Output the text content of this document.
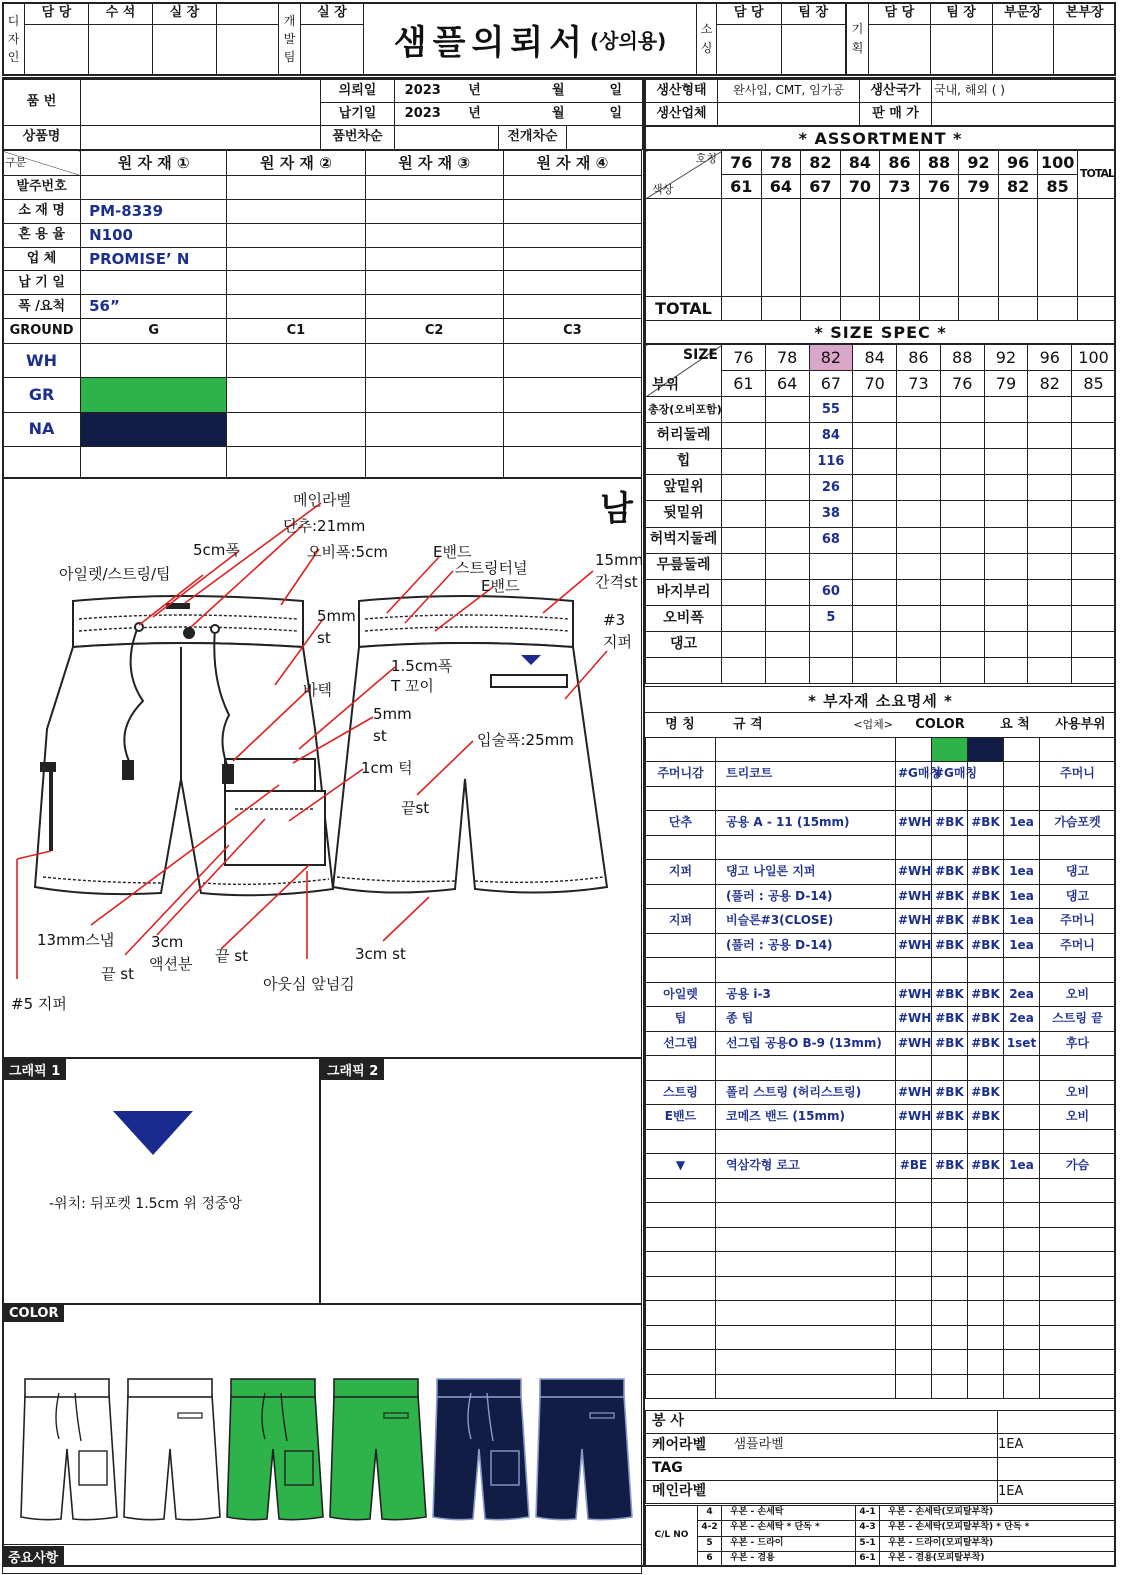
디
자
인	담 당	수 석	실 장	

개
발
팀	실 장

샘플의뢰서 (상의용)	소
싱	담 당	팀 장

기
획	담 당	팀 장	부문장	본부장

품 번		의뢰일	2023	년	월	일
		납기일	2023	년	월	일
상품명		품번차순			전개차순	
생산형태	완사입, CMT, 임가공	생산국가	국내, 해외 ( )
생산업체		판 매 가	
구분	원 자 재 ①	원 자 재 ②	원 자 재 ③	원 자 재 ④
발주번호				
소 재 명	PM-8339			
혼 용 율	N100			
업 체	PROMISE’ N			
납 기 일				
폭 /요척	56”			
GROUND	G	C1	C2	C3
WH				
GR				
NA				

* ASSORTMENT *
호칭
색상	76	78	82	84	86	88	92	96	100	TOTAL
	61	64	67	70	73	76	79	82	85	

TOTAL										
* SIZE SPEC *
SIZE
부위	76	78	82	84	86	88	92	96	100
	61	64	67	70	73	76	79	82	85
총장(오비포함)			55						
허리둘레			84						
힙			116						
앞밑위			26						
뒷밑위			38						
허벅지둘레			68						
무릎둘레									
바지부리			60						
오비폭			5						
댕고									

* 부자재 소요명세 *
명 칭	규 격	<업체>	COLOR	요 척	사용부위

주머니감	트리코트	#G매칭	#G매칭			주머니

단추	공용 A - 11 (15mm)	#WH	#BK	#BK	1ea	가슴포켓

지퍼	댕고 나일론 지퍼	#WH	#BK	#BK	1ea	댕고
	(풀러 : 공용 D-14)	#WH	#BK	#BK	1ea	댕고
지퍼	비슬론#3(CLOSE)	#WH	#BK	#BK	1ea	주머니
	(풀러 : 공용 D-14)	#WH	#BK	#BK	1ea	주머니

아일렛	공용 i-3	#WH	#BK	#BK	2ea	오비
팁	종 팁	#WH	#BK	#BK	2ea	스트링 끝
선그립	선그립 공용O B-9 (13mm)	#WH	#BK	#BK	1set	후다

스트링	폴리 스트링 (허리스트링)	#WH	#BK	#BK		오비
E밴드	코메즈 밴드 (15mm)	#WH	#BK	#BK		오비

▼	역삼각형 로고	#BE	#BK	#BK	1ea	가슴

봉 사		
케어라벨	샘플라벨	1EA
TAG		
메인라벨		1EA
C/L NO	4	우본 - 손세탁	4-1	우본 - 손세탁(모피탈부착)
	4-2	우본 - 손세탁 * 단독 *	4-3	우본 - 손세탁(모피탈부착) * 단독 *
	5	우본 - 드라이	5-1	우본 - 드라이(모피탈부착)
	6	우본 - 겸용	6-1	우본 - 겸용(모피탈부착)
남
메인라벨
단추:21mm
5cm폭	오비폭:5cm	E밴드
스트링터널
E밴드
15mm
간격st
아일렛/스트링/팁
5mm
st
#3
지퍼
1.5cm폭
T 꼬이
바텍
5mm
st
1cm 턱
입술폭:25mm
끝st
13mm스냅 3cm
액션분
끝 st
끝 st	3cm st
아웃심 앞넘김
#5 지퍼
그래픽 1
-위치: 뒤포켓 1.5cm 위 정중앙
그래픽 2
COLOR
중요사항
